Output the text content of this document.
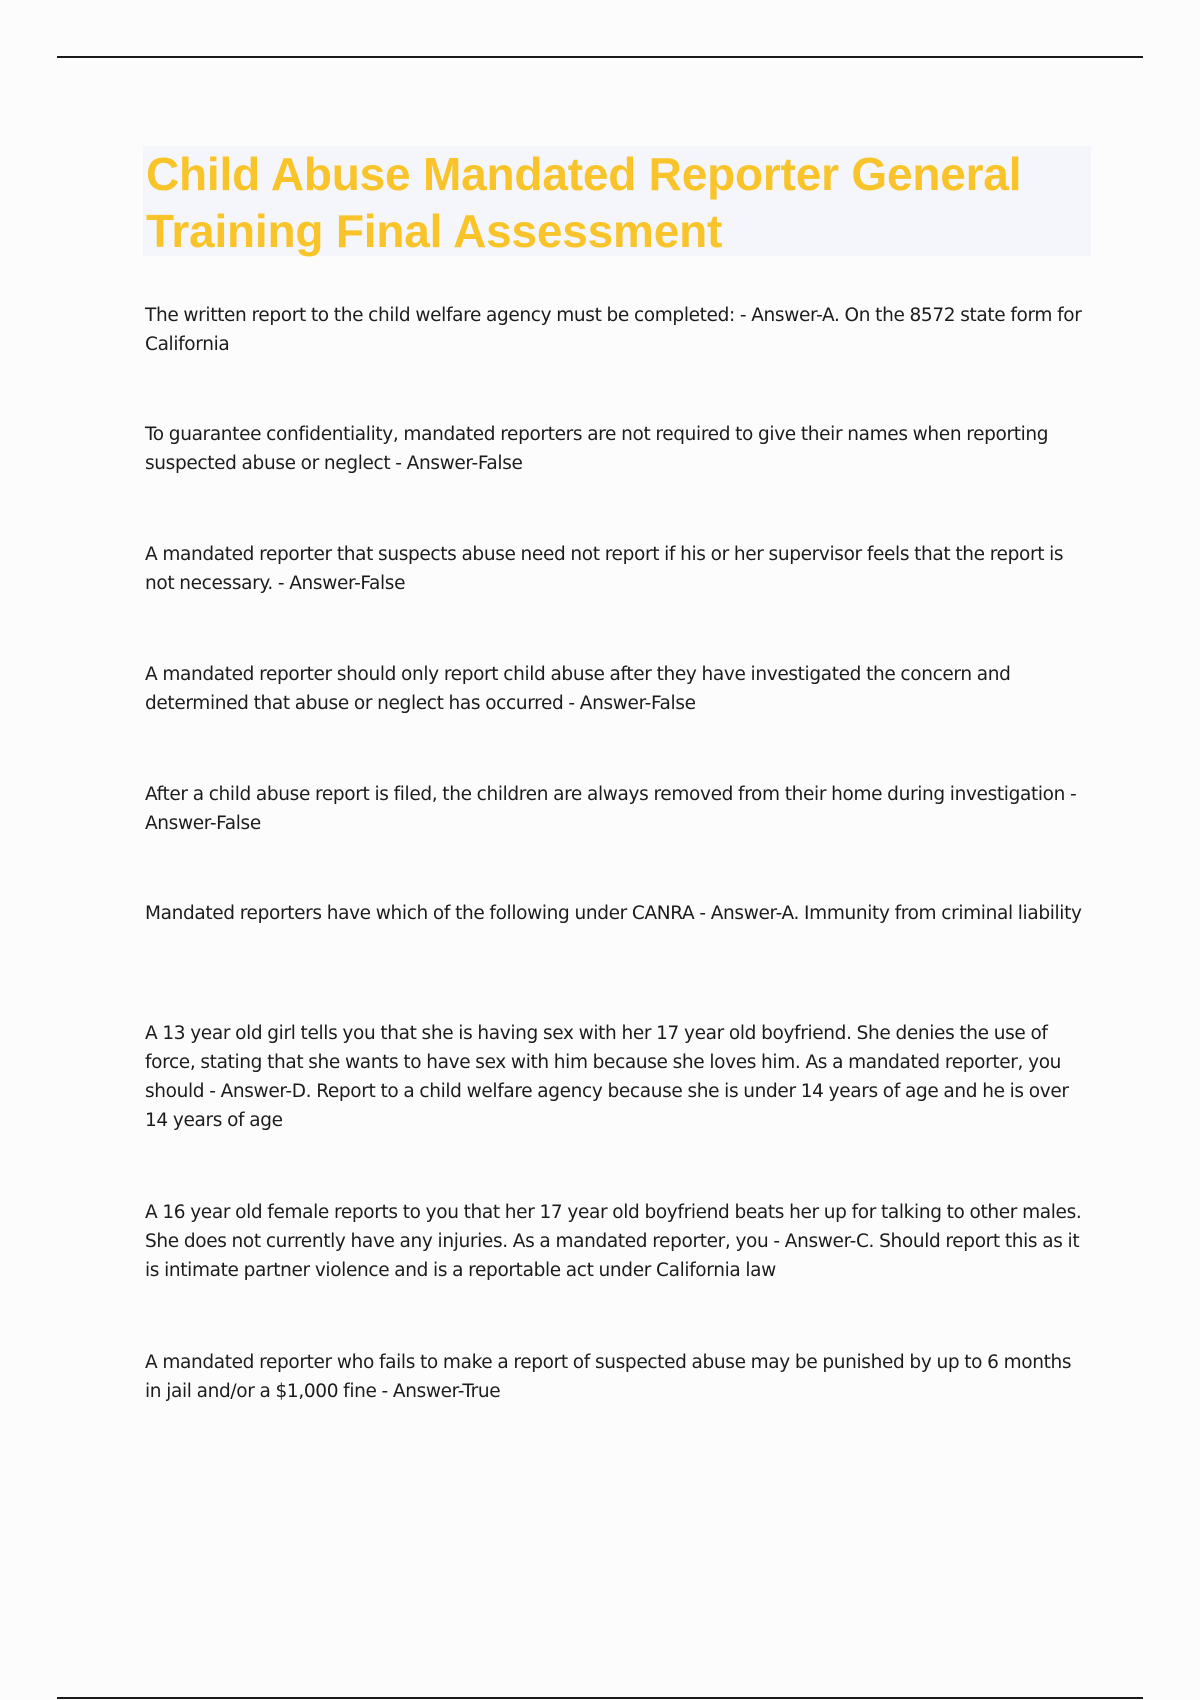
Child Abuse Mandated Reporter General Training Final Assessment
The written report to the child welfare agency must be completed: - Answer-A. On the 8572 state form for California
To guarantee confidentiality, mandated reporters are not required to give their names when reporting suspected abuse or neglect - Answer-False
A mandated reporter that suspects abuse need not report if his or her supervisor feels that the report is not necessary. - Answer-False
A mandated reporter should only report child abuse after they have investigated the concern and determined that abuse or neglect has occurred - Answer-False
After a child abuse report is filed, the children are always removed from their home during investigation - Answer-False
Mandated reporters have which of the following under CANRA - Answer-A. Immunity from criminal liability
A 13 year old girl tells you that she is having sex with her 17 year old boyfriend. She denies the use of force, stating that she wants to have sex with him because she loves him. As a mandated reporter, you should - Answer-D. Report to a child welfare agency because she is under 14 years of age and he is over 14 years of age
A 16 year old female reports to you that her 17 year old boyfriend beats her up for talking to other males. She does not currently have any injuries. As a mandated reporter, you - Answer-C. Should report this as it is intimate partner violence and is a reportable act under California law
A mandated reporter who fails to make a report of suspected abuse may be punished by up to 6 months in jail and/or a $1,000 fine - Answer-True
